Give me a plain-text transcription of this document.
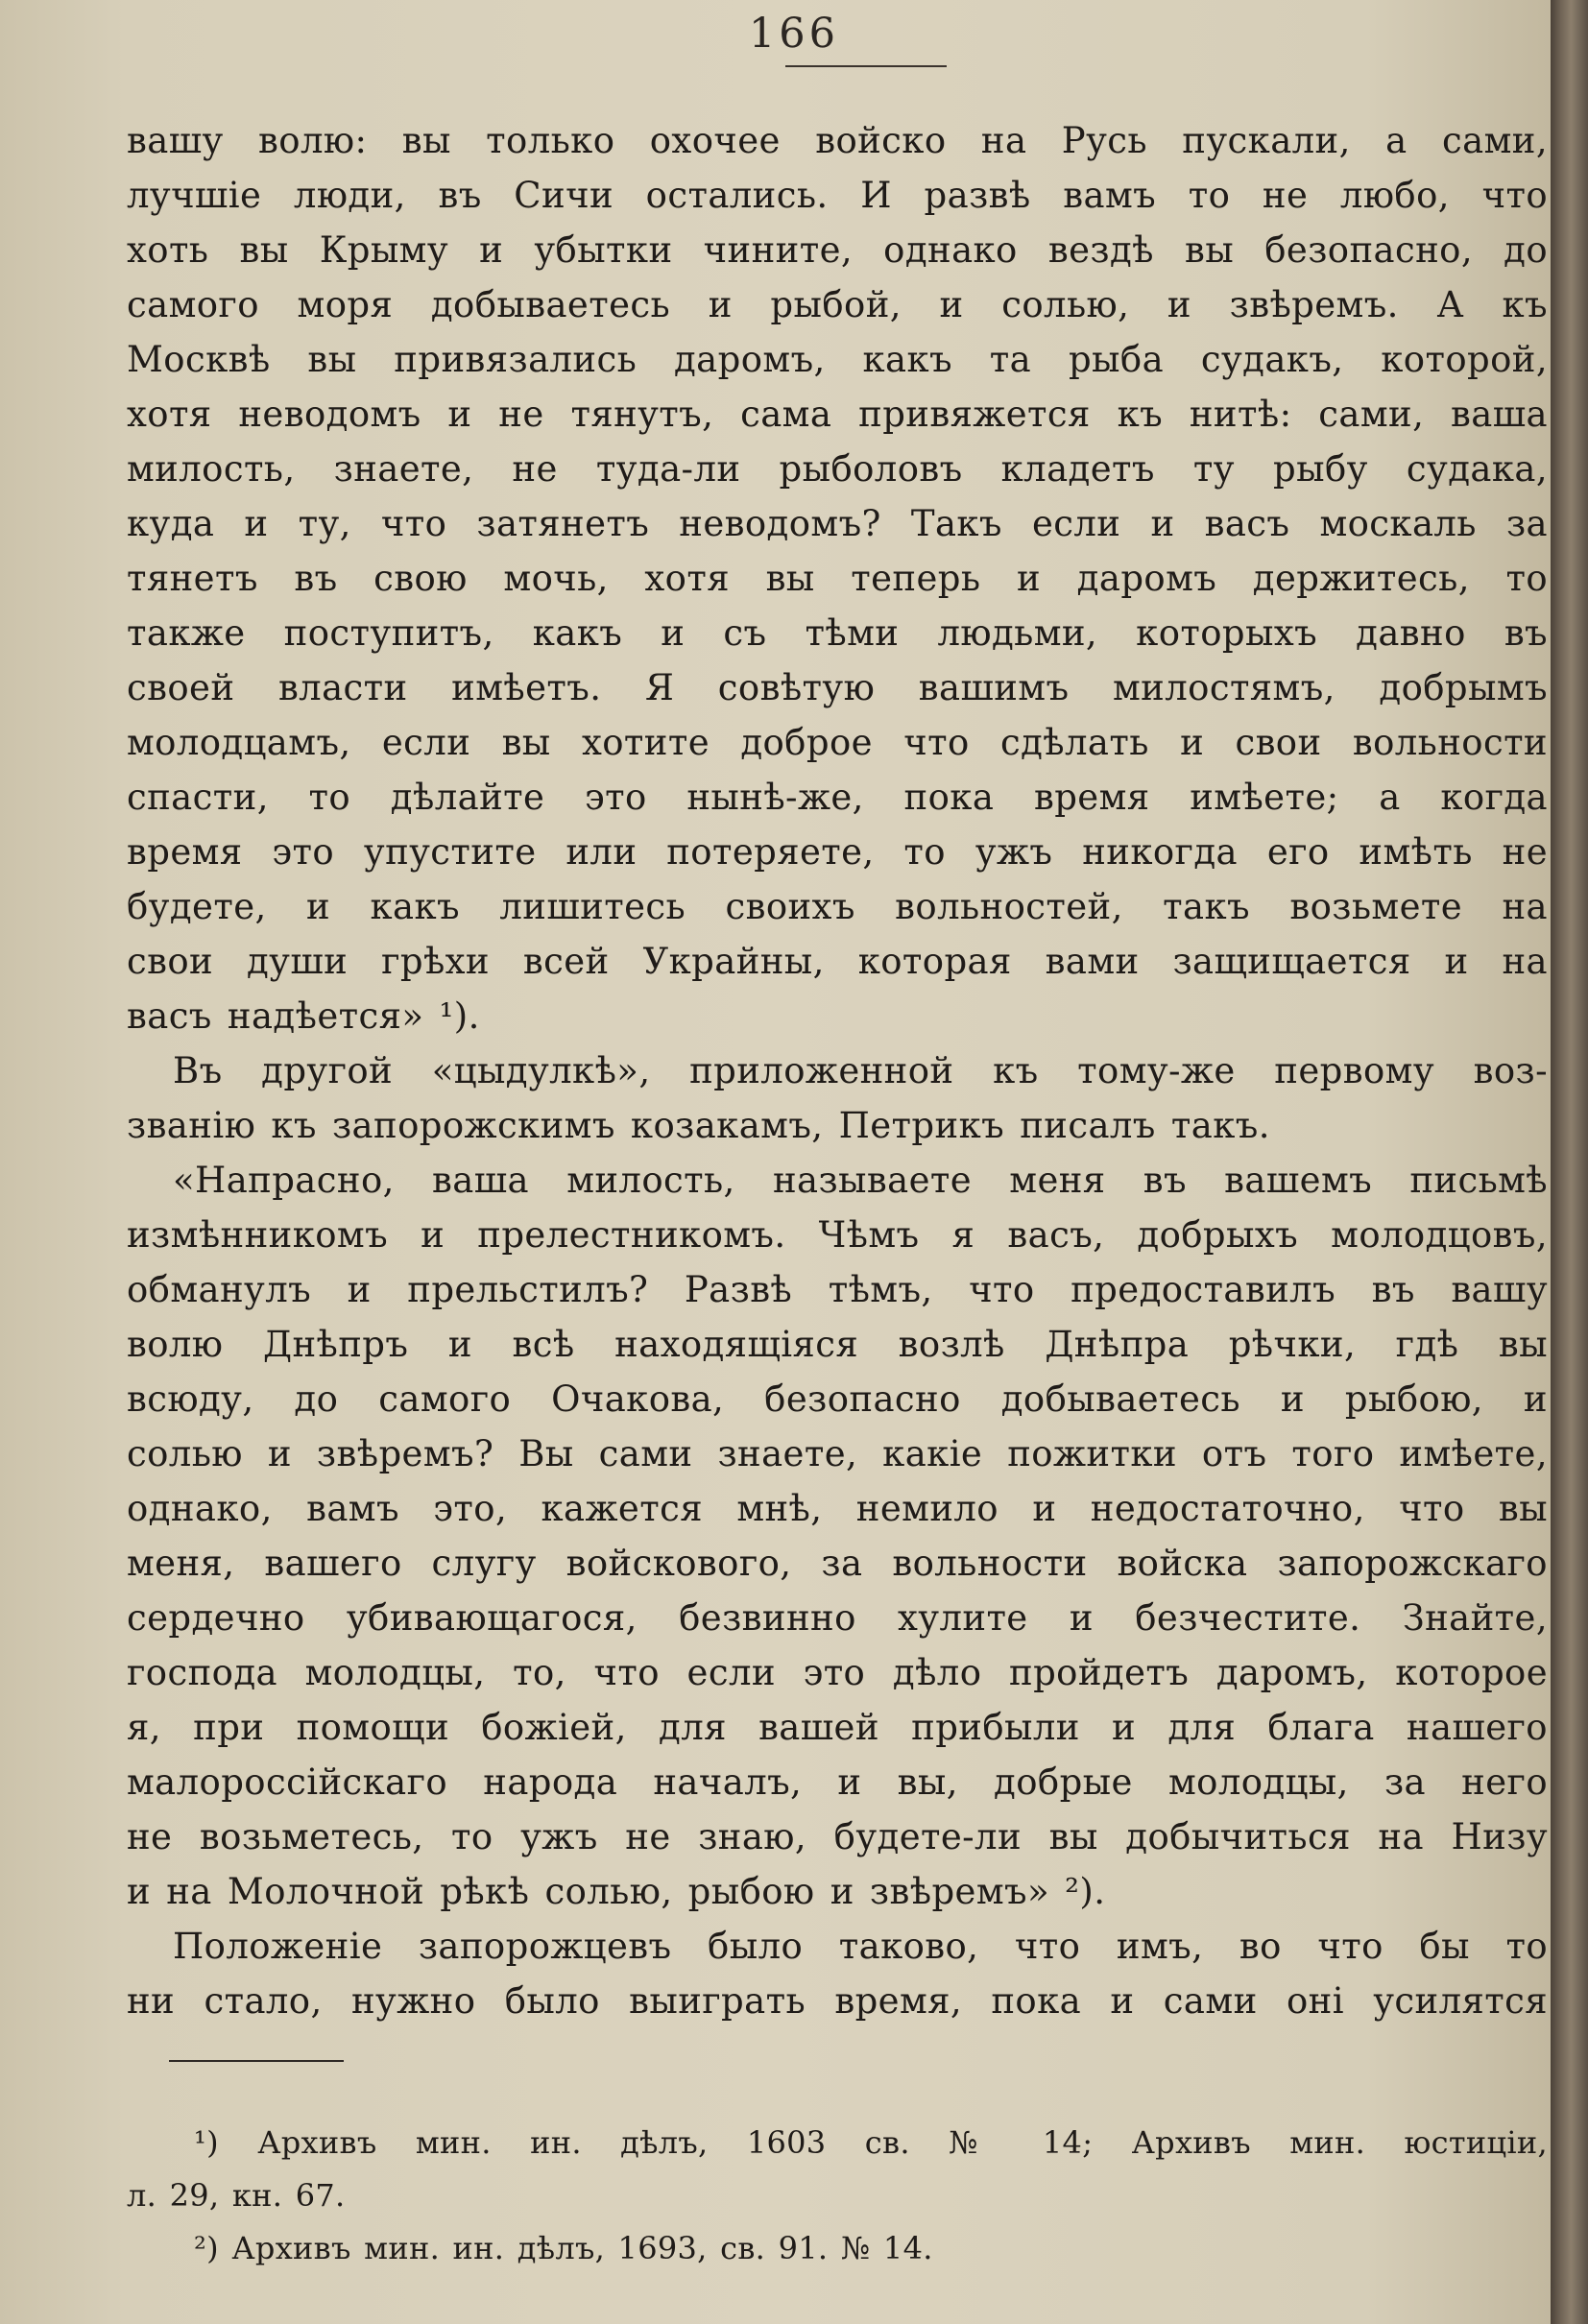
166
вашу волю: вы только охочее войско на Русь пускали, а сами,
лучшіе люди, въ Сичи остались. И развѣ вамъ то не любо, что
хоть вы Крыму и убытки чините, однако вездѣ вы безопасно, до
самого моря добываетесь и рыбой, и солью, и звѣремъ. А къ
Москвѣ вы привязались даромъ, какъ та рыба судакъ, которой,
хотя неводомъ и не тянутъ, сама привяжется къ нитѣ: сами, ваша
милость, знаете, не туда-ли рыболовъ кладетъ ту рыбу судака,
куда и ту, что затянетъ неводомъ? Такъ если и васъ москаль за
тянетъ въ свою мочь, хотя вы теперь и даромъ держитесь, то
также поступитъ, какъ и съ тѣми людьми, которыхъ давно въ
своей власти имѣетъ. Я совѣтую вашимъ милостямъ, добрымъ
молодцамъ, если вы хотите доброе что сдѣлать и свои вольности
спасти, то дѣлайте это нынѣ-же, пока время имѣете; а когда
время это упустите или потеряете, то ужъ никогда его имѣть не
будете, и какъ лишитесь своихъ вольностей, такъ возьмете на
свои души грѣхи всей Украйны, которая вами защищается и на
васъ надѣется» ¹).
Въ другой «цыдулкѣ», приложенной къ тому-же первому воз-
званію къ запорожскимъ козакамъ, Петрикъ писалъ такъ.
«Напрасно, ваша милость, называете меня въ вашемъ письмѣ
измѣнникомъ и прелестникомъ. Чѣмъ я васъ, добрыхъ молодцовъ,
обманулъ и прельстилъ? Развѣ тѣмъ, что предоставилъ въ вашу
волю Днѣпръ и всѣ находящіяся возлѣ Днѣпра рѣчки, гдѣ вы
всюду, до самого Очакова, безопасно добываетесь и рыбою, и
солью и звѣремъ? Вы сами знаете, какіе пожитки отъ того имѣете,
однако, вамъ это, кажется мнѣ, немило и недостаточно, что вы
меня, вашего слугу войскового, за вольности войска запорожскаго
сердечно убивающагося, безвинно хулите и безчестите. Знайте,
господа молодцы, то, что если это дѣло пройдетъ даромъ, которое
я, при помощи божіей, для вашей прибыли и для блага нашего
малороссійскаго народа началъ, и вы, добрые молодцы, за него
не возьметесь, то ужъ не знаю, будете-ли вы добычиться на Низу
и на Молочной рѣкѣ солью, рыбою и звѣремъ» ²).
Положеніе запорожцевъ было таково, что имъ, во что бы то
ни стало, нужно было выиграть время, пока и сами оні усилятся
¹) Архивъ мин. ин. дѣлъ, 1603 св. № 14; Архивъ мин. юстиціи,
л. 29, кн. 67.
²) Архивъ мин. ин. дѣлъ, 1693, св. 91. № 14.
